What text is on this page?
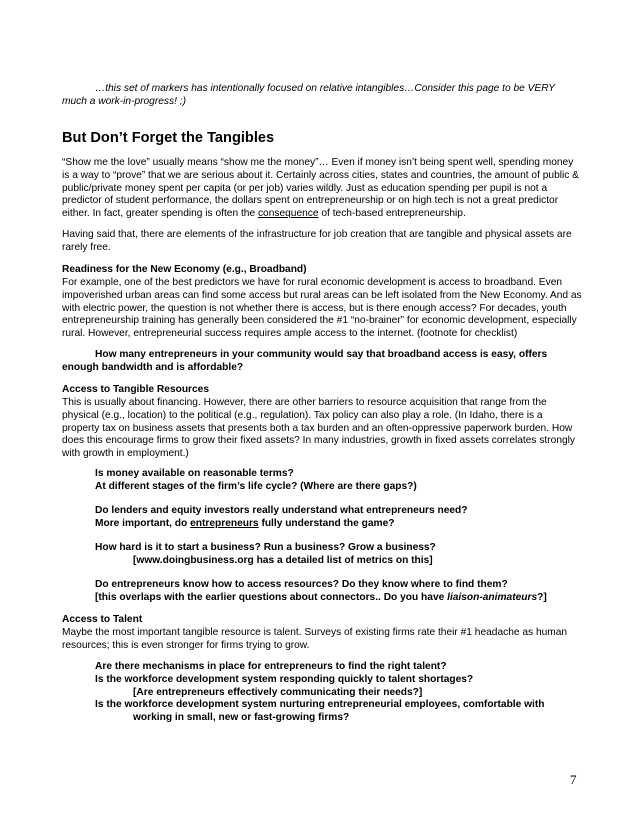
…this set of markers has intentionally focused on relative intangibles…Consider this page to be VERY
much a work-in-progress! ;)
But Don’t Forget the Tangibles
“Show me the love” usually means “show me the money”… Even if money isn’t being spent well, spending money is a way to “prove” that we are serious about it. Certainly across cities, states and countries, the amount of public & public/private money spent per capita (or per job) varies wildly. Just as education spending per pupil is not a predictor of student performance, the dollars spent on entrepreneurship or on high tech is not a great predictor either. In fact, greater spending is often the consequence of tech-based entrepreneurship.
Having said that, there are elements of the infrastructure for job creation that are tangible and physical assets are rarely free.
Readiness for the New Economy (e.g., Broadband)
For example, one of the best predictors we have for rural economic development is access to broadband. Even impoverished urban areas can find some access but rural areas can be left isolated from the New Economy. And as with electric power, the question is not whether there is access, but is there enough access? For decades, youth entrepreneurship training has generally been considered the #1 “no-brainer” for economic development, especially rural. However, entrepreneurial success requires ample access to the internet. (footnote for checklist)
How many entrepreneurs in your community would say that broadband access is easy, offers
enough bandwidth and is affordable?
Access to Tangible Resources
This is usually about financing. However, there are other barriers to resource acquisition that range from the physical (e.g., location) to the political (e.g., regulation). Tax policy can also play a role. (In Idaho, there is a property tax on business assets that presents both a tax burden and an often-oppressive paperwork burden. How does this encourage firms to grow their fixed assets? In many industries, growth in fixed assets correlates strongly with growth in employment.)
Is money available on reasonable terms?
At different stages of the firm’s life cycle? (Where are there gaps?)
Do lenders and equity investors really understand what entrepreneurs need?
More important, do entrepreneurs fully understand the game?
How hard is it to start a business? Run a business? Grow a business?

[www.doingbusiness.org has a detailed list of metrics on this]
Do entrepreneurs know how to access resources? Do they know where to find them?
[this overlaps with the earlier questions about connectors.. Do you have liaison-animateurs?]
Access to Talent
Maybe the most important tangible resource is talent. Surveys of existing firms rate their #1 headache as human resources; this is even stronger for firms trying to grow.
Are there mechanisms in place for entrepreneurs to find the right talent?
Is the workforce development system responding quickly to talent shortages?

[Are entrepreneurs effectively communicating their needs?]
Is the workforce development system nurturing entrepreneurial employees, comfortable with

working in small, new or fast-growing firms?
7
